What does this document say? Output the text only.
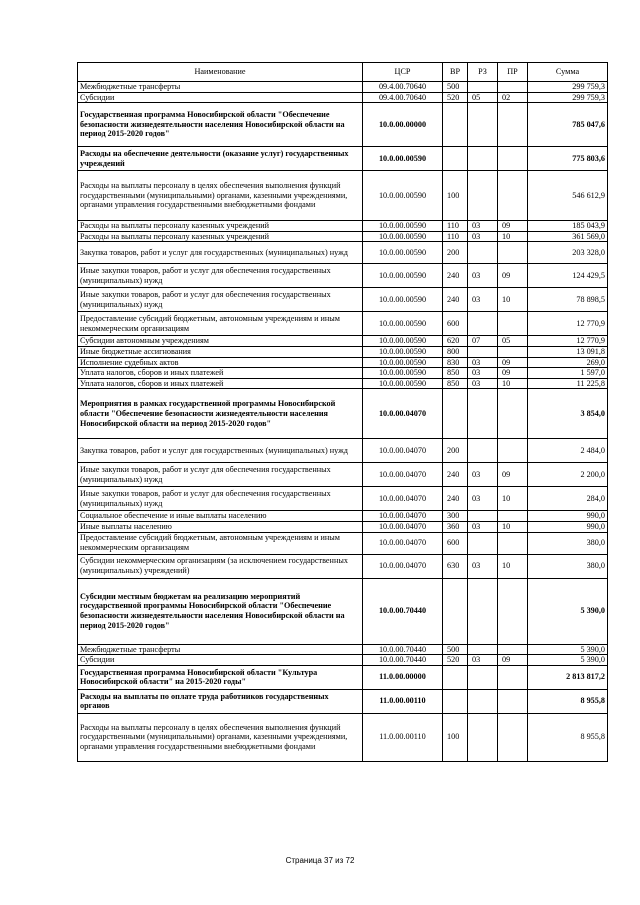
Наименование	ЦСР	ВР	РЗ	ПР	Сумма
Межбюджетные трансферты	09.4.00.70640	500			299 759,3
Субсидии	09.4.00.70640	520	05	02	299 759,3
Государственная программа Новосибирской области "Обеспечение безопасности жизнедеятельности населения Новосибирской области на период 2015-2020 годов"	10.0.00.00000				785 047,6
Расходы на обеспечение деятельности (оказание услуг) государственных учреждений	10.0.00.00590				775 803,6
Расходы на выплаты персоналу в целях обеспечения выполнения функций государственными (муниципальными) органами, казенными учреждениями, органами управления государственными внебюджетными фондами	10.0.00.00590	100			546 612,9
Расходы на выплаты персоналу казенных учреждений	10.0.00.00590	110	03	09	185 043,9
Расходы на выплаты персоналу казенных учреждений	10.0.00.00590	110	03	10	361 569,0
Закупка товаров, работ и услуг для государственных (муниципальных) нужд	10.0.00.00590	200			203 328,0
Иные закупки товаров, работ и услуг для обеспечения государственных (муниципальных) нужд	10.0.00.00590	240	03	09	124 429,5
Иные закупки товаров, работ и услуг для обеспечения государственных (муниципальных) нужд	10.0.00.00590	240	03	10	78 898,5
Предоставление субсидий бюджетным, автономным учреждениям и иным некоммерческим организациям	10.0.00.00590	600			12 770,9
Субсидии автономным учреждениям	10.0.00.00590	620	07	05	12 770,9
Иные бюджетные ассигнования	10.0.00.00590	800			13 091,8
Исполнение судебных актов	10.0.00.00590	830	03	09	269,0
Уплата налогов, сборов и иных платежей	10.0.00.00590	850	03	09	1 597,0
Уплата налогов, сборов и иных платежей	10.0.00.00590	850	03	10	11 225,8
Мероприятия в рамках государственной программы Новосибирской области "Обеспечение безопасности жизнедеятельности населения Новосибирской области на период 2015-2020 годов"	10.0.00.04070				3 854,0
Закупка товаров, работ и услуг для государственных (муниципальных) нужд	10.0.00.04070	200			2 484,0
Иные закупки товаров, работ и услуг для обеспечения государственных (муниципальных) нужд	10.0.00.04070	240	03	09	2 200,0
Иные закупки товаров, работ и услуг для обеспечения государственных (муниципальных) нужд	10.0.00.04070	240	03	10	284,0
Социальное обеспечение и иные выплаты населению	10.0.00.04070	300			990,0
Иные выплаты населению	10.0.00.04070	360	03	10	990,0
Предоставление субсидий бюджетным, автономным учреждениям и иным некоммерческим организациям	10.0.00.04070	600			380,0
Субсидии некоммерческим организациям (за исключением государственных (муниципальных) учреждений)	10.0.00.04070	630	03	10	380,0
Субсидии местным бюджетам на реализацию мероприятий государственной программы Новосибирской области "Обеспечение безопасности жизнедеятельности населения Новосибирской области на период 2015-2020 годов"	10.0.00.70440				5 390,0
Межбюджетные трансферты	10.0.00.70440	500			5 390,0
Субсидии	10.0.00.70440	520	03	09	5 390,0
Государственная программа Новосибирской области "Культура Новосибирской области" на 2015-2020 годы"	11.0.00.00000				2 813 817,2
Расходы на выплаты по оплате труда работников государственных органов	11.0.00.00110				8 955,8
Расходы на выплаты персоналу в целях обеспечения выполнения функций государственными (муниципальными) органами, казенными учреждениями, органами управления государственными внебюджетными фондами	11.0.00.00110	100			8 955,8
Страница 37 из 72
